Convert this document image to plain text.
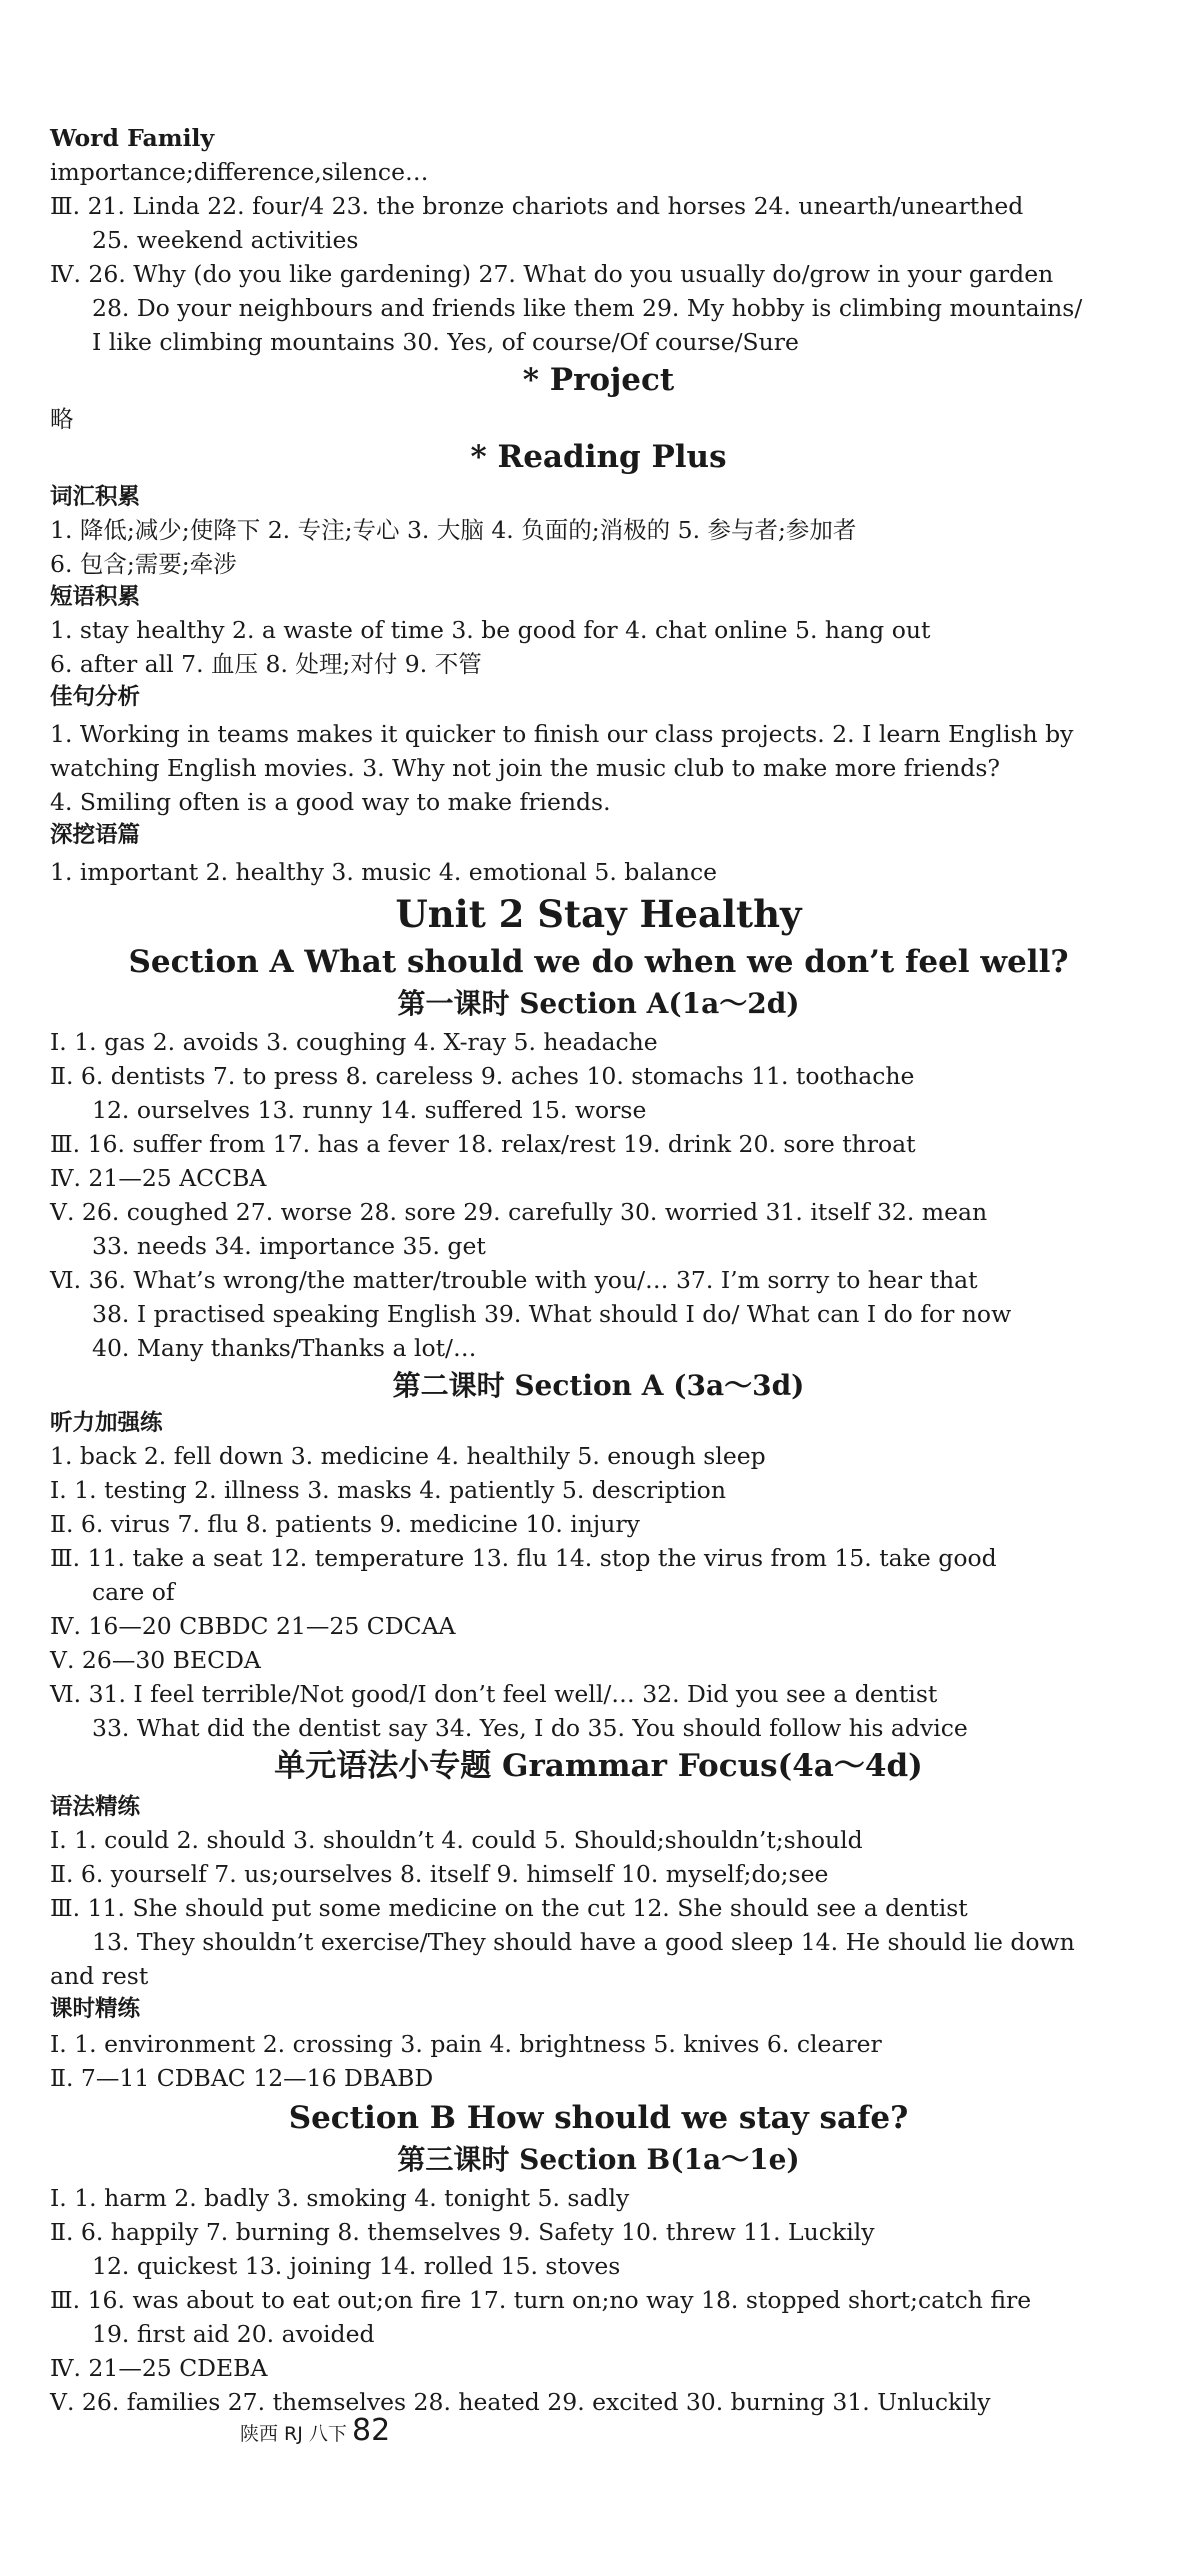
Word Family
importance;difference,silence…
Ⅲ. 21. Linda 22. four/4 23. the bronze chariots and horses 24. unearth/unearthed
25. weekend activities
Ⅳ. 26. Why (do you like gardening) 27. What do you usually do/grow in your garden
28. Do your neighbours and friends like them 29. My hobby is climbing mountains/
I like climbing mountains 30. Yes, of course/Of course/Sure
* Project
略
* Reading Plus
词汇积累
1. 降低;减少;使降下 2. 专注;专心 3. 大脑 4. 负面的;消极的 5. 参与者;参加者
6. 包含;需要;牵涉
短语积累
1. stay healthy 2. a waste of time 3. be good for 4. chat online 5. hang out
6. after all 7. 血压 8. 处理;对付 9. 不管
佳句分析
1. Working in teams makes it quicker to finish our class projects. 2. I learn English by
watching English movies. 3. Why not join the music club to make more friends?
4. Smiling often is a good way to make friends.
深挖语篇
1. important 2. healthy 3. music 4. emotional 5. balance
Unit 2 Stay Healthy
Section A What should we do when we don’t feel well?
第一课时 Section A(1a～2d)
Ⅰ. 1. gas 2. avoids 3. coughing 4. X-ray 5. headache
Ⅱ. 6. dentists 7. to press 8. careless 9. aches 10. stomachs 11. toothache
12. ourselves 13. runny 14. suffered 15. worse
Ⅲ. 16. suffer from 17. has a fever 18. relax/rest 19. drink 20. sore throat
Ⅳ. 21—25 ACCBA
Ⅴ. 26. coughed 27. worse 28. sore 29. carefully 30. worried 31. itself 32. mean
33. needs 34. importance 35. get
Ⅵ. 36. What’s wrong/the matter/trouble with you/… 37. I’m sorry to hear that
38. I practised speaking English 39. What should I do/ What can I do for now
40. Many thanks/Thanks a lot/…
第二课时 Section A (3a～3d)
听力加强练
1. back 2. fell down 3. medicine 4. healthily 5. enough sleep
Ⅰ. 1. testing 2. illness 3. masks 4. patiently 5. description
Ⅱ. 6. virus 7. flu 8. patients 9. medicine 10. injury
Ⅲ. 11. take a seat 12. temperature 13. flu 14. stop the virus from 15. take good
care of
Ⅳ. 16—20 CBBDC 21—25 CDCAA
Ⅴ. 26—30 BECDA
Ⅵ. 31. I feel terrible/Not good/I don’t feel well/… 32. Did you see a dentist
33. What did the dentist say 34. Yes, I do 35. You should follow his advice
单元语法小专题 Grammar Focus(4a～4d)
语法精练
Ⅰ. 1. could 2. should 3. shouldn’t 4. could 5. Should;shouldn’t;should
Ⅱ. 6. yourself 7. us;ourselves 8. itself 9. himself 10. myself;do;see
Ⅲ. 11. She should put some medicine on the cut 12. She should see a dentist
13. They shouldn’t exercise/They should have a good sleep 14. He should lie down
and rest
课时精练
Ⅰ. 1. environment 2. crossing 3. pain 4. brightness 5. knives 6. clearer
Ⅱ. 7—11 CDBAC 12—16 DBABD
Section B How should we stay safe?
第三课时 Section B(1a～1e)
Ⅰ. 1. harm 2. badly 3. smoking 4. tonight 5. sadly
Ⅱ. 6. happily 7. burning 8. themselves 9. Safety 10. threw 11. Luckily
12. quickest 13. joining 14. rolled 15. stoves
Ⅲ. 16. was about to eat out;on fire 17. turn on;no way 18. stopped short;catch fire
19. first aid 20. avoided
Ⅳ. 21—25 CDEBA
Ⅴ. 26. families 27. themselves 28. heated 29. excited 30. burning 31. Unluckily
陕西 RJ 八下 82
